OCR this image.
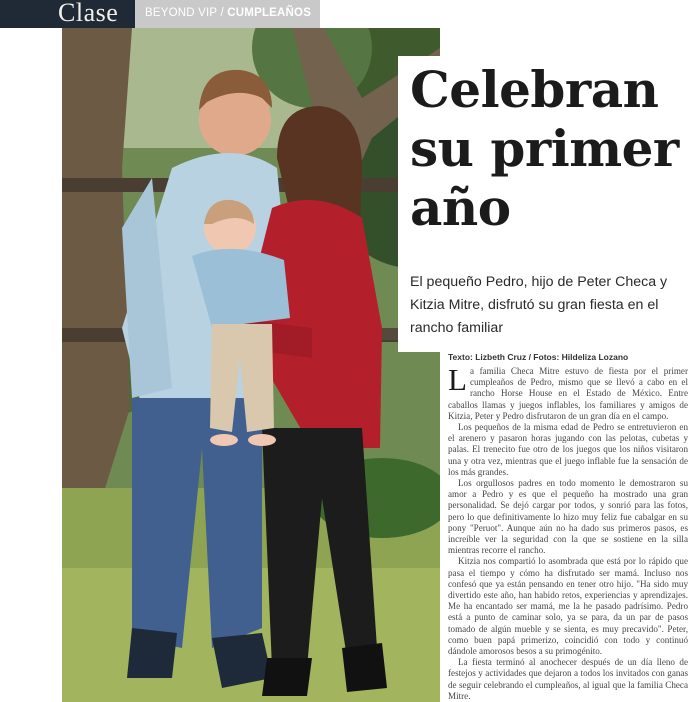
Clase BEYOND VIP / CUMPLEAÑOS
Celebran
su primer
año

El pequeño Pedro, hijo de Peter Checa y Kitzia Mitre, disfrutó su gran fiesta en el rancho familiar

Texto: Lizbeth Cruz / Fotos: Hildeliza Lozano

La familia Checa Mitre estuvo de fiesta por el primer cumpleaños de Pedro, mismo que se llevó a cabo en el rancho Horse House en el Estado de México. Entre caballos llamas y juegos inflables, los familiares y amigos de Kitzia, Peter y Pedro disfrutaron de un gran día en el campo.

Los pequeños de la misma edad de Pedro se entretuvieron en el arenero y pasaron horas jugando con las pelotas, cubetas y palas. El trenecito fue otro de los juegos que los niños visitaron una y otra vez, mientras que el juego inflable fue la sensación de los más grandes.

Los orgullosos padres en todo momento le demostraron su amor a Pedro y es que el pequeño ha mostrado una gran personalidad. Se dejó cargar por todos, y sonrió para las fotos, pero lo que definitivamente lo hizo muy feliz fue cabalgar en su pony "Peruot". Aunque aún no ha dado sus primeros pasos, es increíble ver la seguridad con la que se sostiene en la silla mientras recorre el rancho.

Kitzia nos compartió lo asombrada que está por lo rápido que pasa el tiempo y cómo ha disfrutado ser mamá. Incluso nos confesó que ya están pensando en tener otro hijo. "Ha sido muy divertido este año, han habido retos, experiencias y aprendizajes. Me ha encantado ser mamá, me la he pasado padrísimo. Pedro está a punto de caminar solo, ya se para, da un par de pasos tomado de algún mueble y se sienta, es muy precavido". Peter, como buen papá primerizo, coincidió con todo y continuó dándole amorosos besos a su primogénito.

La fiesta terminó al anochecer después de un día lleno de festejos y actividades que dejaron a todos los invitados con ganas de seguir celebrando el cumpleaños, al igual que la familia Checa Mitre.
